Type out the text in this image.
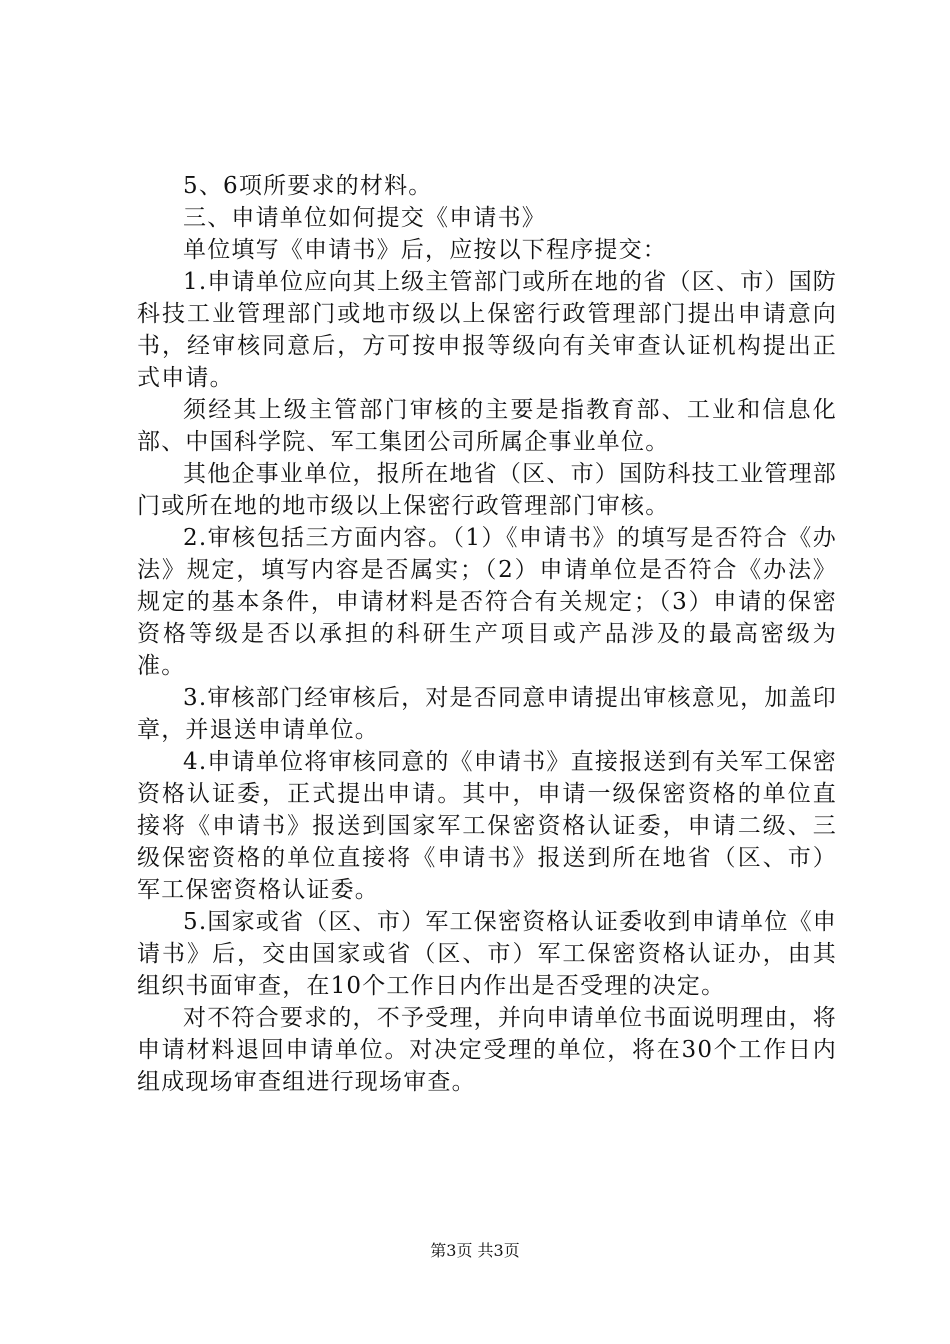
5、6项所要求的材料。

三、申请单位如何提交《申请书》

单位填写《申请书》后，应按以下程序提交：

1.申请单位应向其上级主管部门或所在地的省（区、市）国防科技工业管理部门或地市级以上保密行政管理部门提出申请意向书，经审核同意后，方可按申报等级向有关审查认证机构提出正式申请。

须经其上级主管部门审核的主要是指教育部、工业和信息化部、中国科学院、军工集团公司所属企事业单位。

其他企事业单位，报所在地省（区、市）国防科技工业管理部门或所在地的地市级以上保密行政管理部门审核。

2.审核包括三方面内容。（1）《申请书》的填写是否符合《办法》规定，填写内容是否属实；（2）申请单位是否符合《办法》规定的基本条件，申请材料是否符合有关规定；（3）申请的保密资格等级是否以承担的科研生产项目或产品涉及的最高密级为准。

3.审核部门经审核后，对是否同意申请提出审核意见，加盖印章，并退送申请单位。

4.申请单位将审核同意的《申请书》直接报送到有关军工保密资格认证委，正式提出申请。其中，申请一级保密资格的单位直接将《申请书》报送到国家军工保密资格认证委，申请二级、三级保密资格的单位直接将《申请书》报送到所在地省（区、市）军工保密资格认证委。

5.国家或省（区、市）军工保密资格认证委收到申请单位《申请书》后，交由国家或省（区、市）军工保密资格认证办，由其组织书面审查，在10个工作日内作出是否受理的决定。

对不符合要求的，不予受理，并向申请单位书面说明理由，将申请材料退回申请单位。对决定受理的单位，将在30个工作日内组成现场审查组进行现场审查。

第3页 共3页
